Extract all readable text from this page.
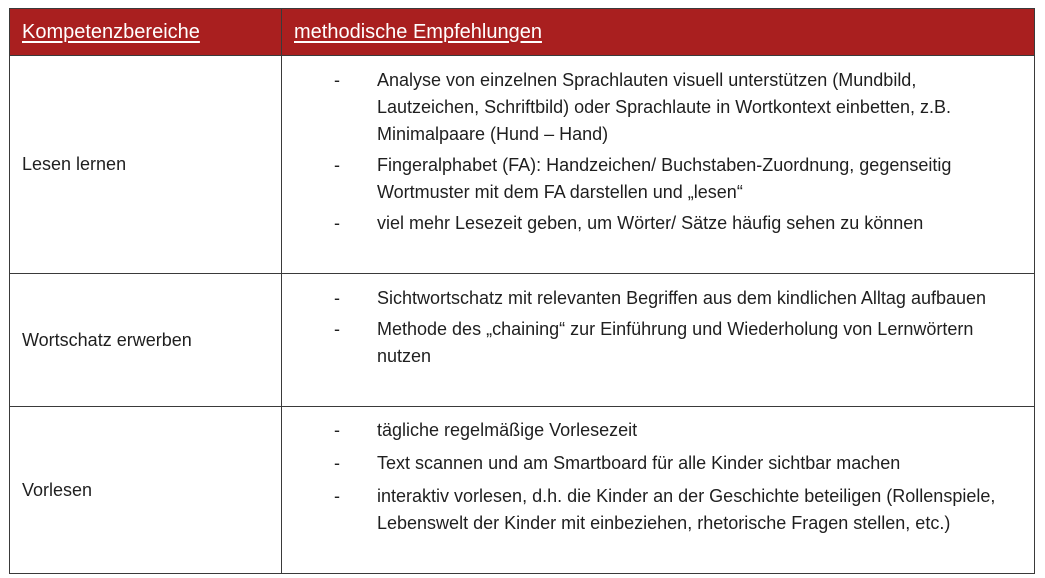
Kompetenzbereiche	methodische Empfehlungen
Lesen lernen
- Analyse von einzelnen Sprachlauten visuell unterstützen (Mundbild, Lautzeichen, Schriftbild) oder Sprachlaute in Wortkontext einbetten, z.B. Minimalpaare (Hund – Hand)
- Fingeralphabet (FA): Handzeichen/ Buchstaben-Zuordnung, gegenseitig Wortmuster mit dem FA darstellen und „lesen“
- viel mehr Lesezeit geben, um Wörter/ Sätze häufig sehen zu können
Wortschatz erwerben
- Sichtwortschatz mit relevanten Begriffen aus dem kindlichen Alltag aufbauen
- Methode des „chaining“ zur Einführung und Wiederholung von Lernwörtern nutzen
Vorlesen
- tägliche regelmäßige Vorlesezeit
- Text scannen und am Smartboard für alle Kinder sichtbar machen
- interaktiv vorlesen, d.h. die Kinder an der Geschichte beteiligen (Rollenspiele, Lebenswelt der Kinder mit einbeziehen, rhetorische Fragen stellen, etc.)
